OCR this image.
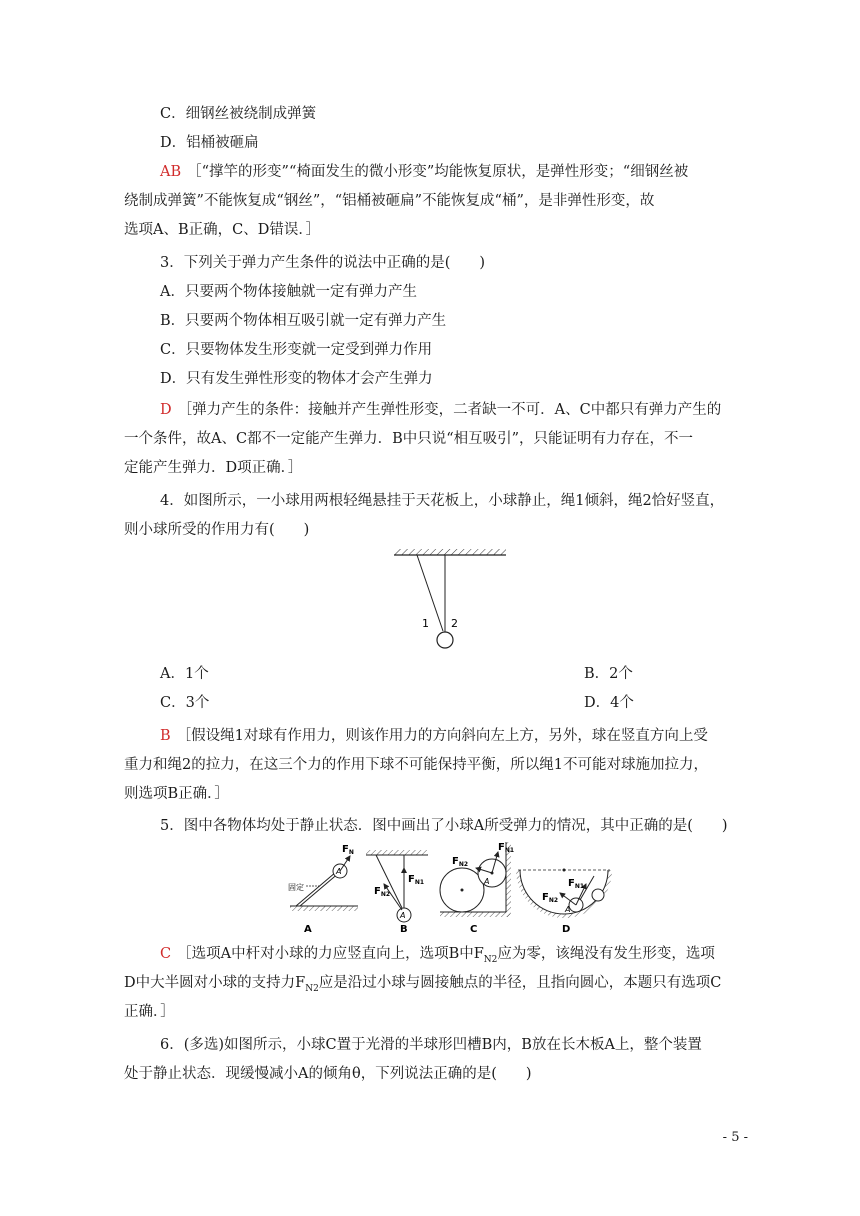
C．细钢丝被绕制成弹簧
D．铝桶被砸扁
AB ［“撑竿的形变”“椅面发生的微小形变”均能恢复原状，是弹性形变；“细钢丝被
绕制成弹簧”不能恢复成“钢丝”，“铝桶被砸扁”不能恢复成“桶”，是非弹性形变，故
选项A、B正确，C、D错误．］
3．下列关于弹力产生条件的说法中正确的是(　　)
A．只要两个物体接触就一定有弹力产生
B．只要两个物体相互吸引就一定有弹力产生
C．只要物体发生形变就一定受到弹力作用
D．只有发生弹性形变的物体才会产生弹力
D ［弹力产生的条件：接触并产生弹性形变，二者缺一不可．A、C中都只有弹力产生的
一个条件，故A、C都不一定能产生弹力．B中只说“相互吸引”，只能证明有力存在，不一
定能产生弹力．D项正确．］
4．如图所示，一小球用两根轻绳悬挂于天花板上，小球静止，绳1倾斜，绳2恰好竖直，
则小球所受的作用力有(　　)
1 2
A．1个	B．2个
C．3个	D．4个
B ［假设绳1对球有作用力，则该作用力的方向斜向左上方，另外，球在竖直方向上受
重力和绳2的拉力，在这三个力的作用下球不可能保持平衡，所以绳1不可能对球施加拉力，
则选项B正确．］
5．图中各物体均处于静止状态．图中画出了小球A所受弹力的情况，其中正确的是(　　)
$F_N$
A
固定
$F_{N1}$
$F_{N2}$
A
$F_{N1}$
$F_{N2}$
A	$F_{N1}$
$F_{N2}$
A
A	B	C	D
C ［选项A中杆对小球的力应竖直向上，选项B中$F_{N2}$应为零，该绳没有发生形变，选项
D中大半圆对小球的支持力$F_{N2}$应是沿过小球与圆接触点的半径，且指向圆心，本题只有选项C
正确．］
6．(多选)如图所示，小球C置于光滑的半球形凹槽B内，B放在长木板A上，整个装置
处于静止状态．现缓慢减小A的倾角θ，下列说法正确的是(　　)
- 5 -
